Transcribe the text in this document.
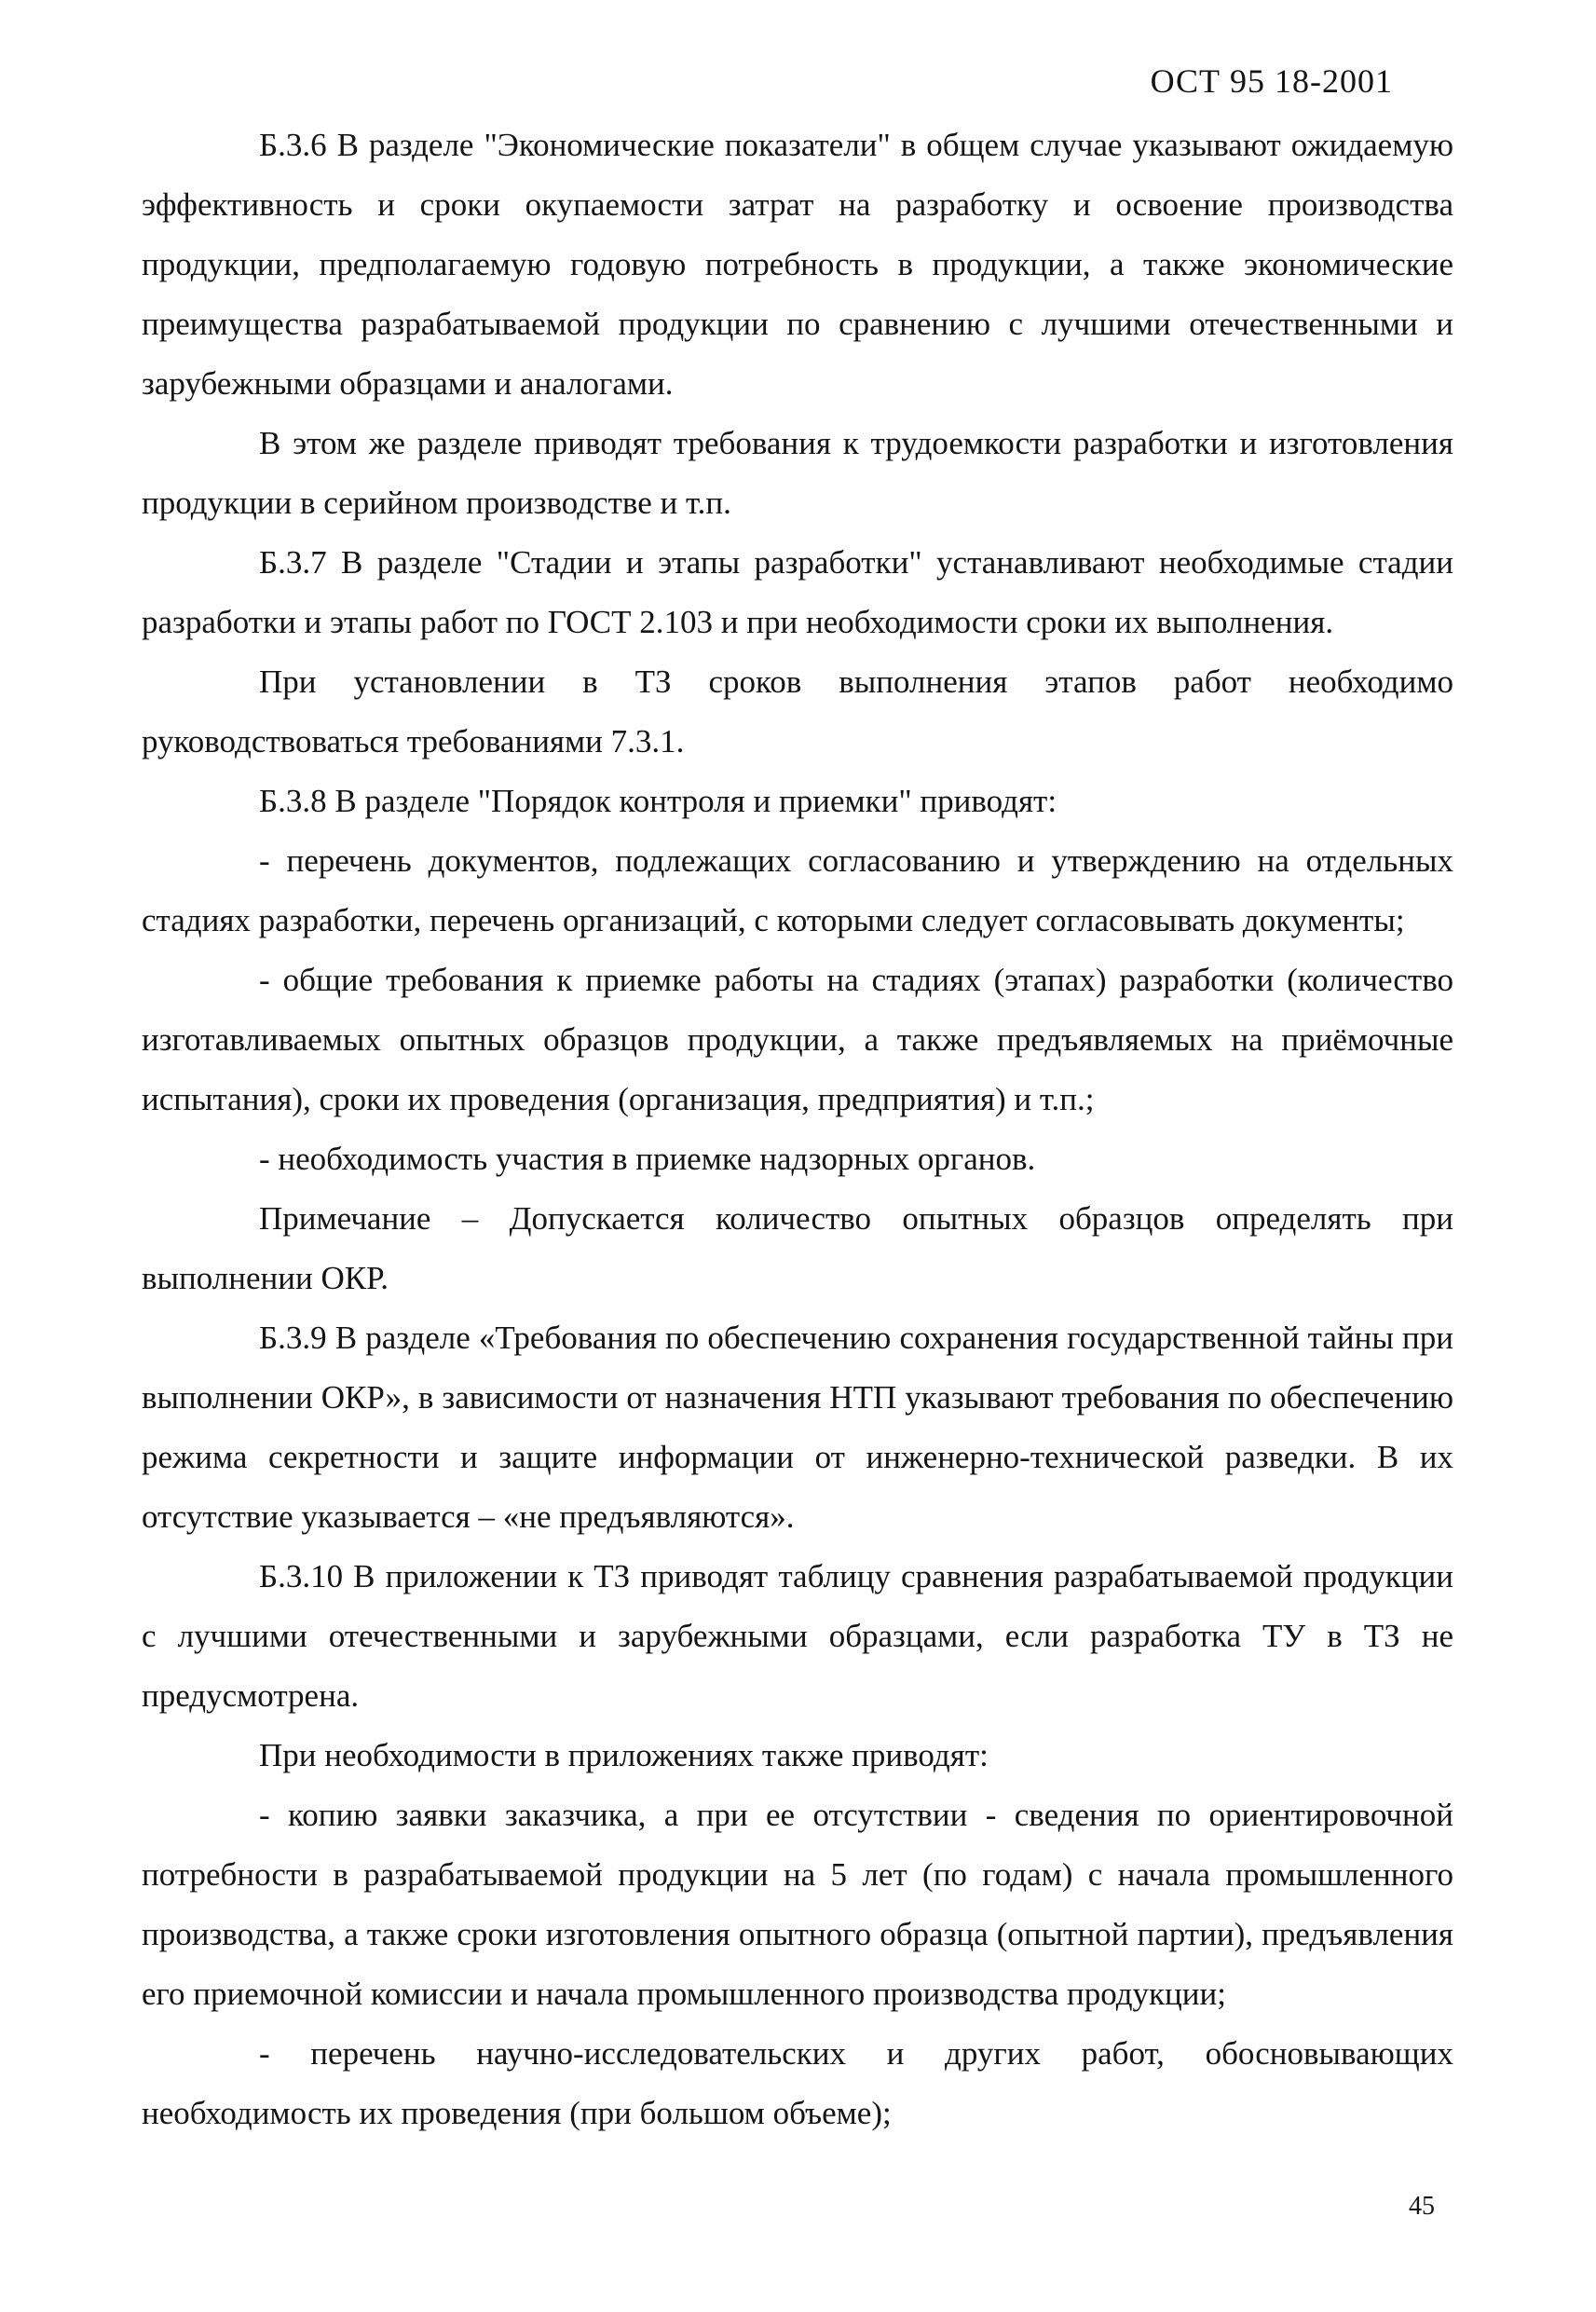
ОСТ 95 18-2001

Б.3.6 В разделе "Экономические показатели" в общем случае указывают ожидаемую эффективность и сроки окупаемости затрат на разработку и освоение производства продукции, предполагаемую годовую потребность в продукции, а также экономические преимущества разрабатываемой продукции по сравнению с лучшими отечественными и зарубежными образцами и аналогами.

В этом же разделе приводят требования к трудоемкости разработки и изготовления продукции в серийном производстве и т.п.

Б.3.7 В разделе "Стадии и этапы разработки" устанавливают необходимые стадии разработки и этапы работ по ГОСТ 2.103 и при необходимости сроки их выполнения.

При установлении в ТЗ сроков выполнения этапов работ необходимо руководствоваться требованиями 7.3.1.

Б.3.8 В разделе "Порядок контроля и приемки" приводят:

- перечень документов, подлежащих согласованию и утверждению на отдельных стадиях разработки, перечень организаций, с которыми следует согласовывать документы;

- общие требования к приемке работы на стадиях (этапах) разработки (количество изготавливаемых опытных образцов продукции, а также предъявляемых на приёмочные испытания), сроки их проведения (организация, предприятия) и т.п.;

- необходимость участия в приемке надзорных органов.

Примечание – Допускается количество опытных образцов определять при выполнении ОКР.

Б.3.9 В разделе «Требования по обеспечению сохранения государственной тайны при выполнении ОКР», в зависимости от назначения НТП указывают требования по обеспечению режима секретности и защите информации от инженерно-технической разведки. В их отсутствие указывается – «не предъявляются».

Б.3.10 В приложении к ТЗ приводят таблицу сравнения разрабатываемой продукции с лучшими отечественными и зарубежными образцами, если разработка ТУ в ТЗ не предусмотрена.

При необходимости в приложениях также приводят:

- копию заявки заказчика, а при ее отсутствии - сведения по ориентировочной потребности в разрабатываемой продукции на 5 лет (по годам) с начала промышленного производства, а также сроки изготовления опытного образца (опытной партии), предъявления его приемочной комиссии и начала промышленного производства продукции;

- перечень научно-исследовательских и других работ, обосновывающих необходимость их проведения (при большом объеме);

45
